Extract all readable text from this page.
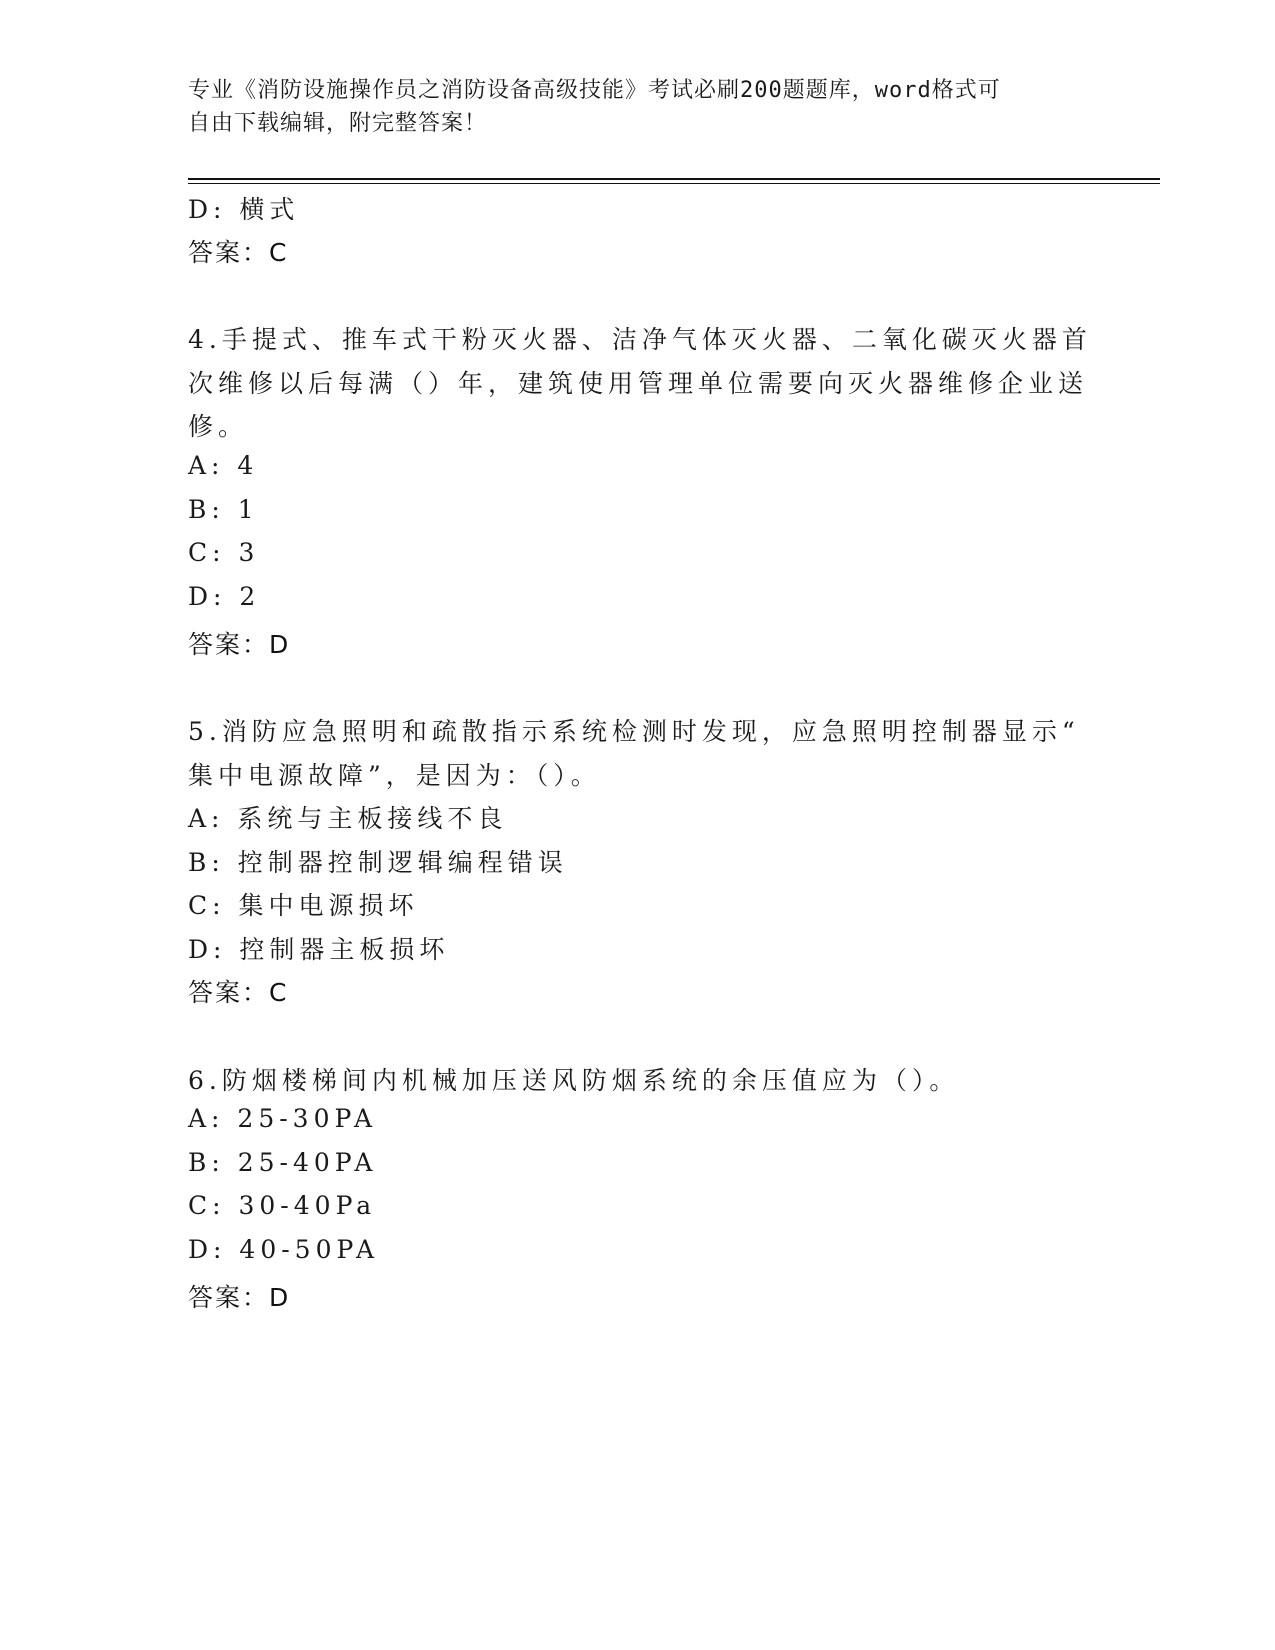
专业《消防设施操作员之消防设备高级技能》考试必刷200题题库，word格式可
自由下载编辑，附完整答案！
D: 横式
答案：C
4.手提式、推车式干粉灭火器、洁净气体灭火器、二氧化碳灭火器首
次维修以后每满（）年，建筑使用管理单位需要向灭火器维修企业送
修。
A: 4
B: 1
C: 3
D: 2
答案：D
5.消防应急照明和疏散指示系统检测时发现，应急照明控制器显示“
集中电源故障”，是因为：（）。
A: 系统与主板接线不良
B: 控制器控制逻辑编程错误
C: 集中电源损坏
D: 控制器主板损坏
答案：C
6.防烟楼梯间内机械加压送风防烟系统的余压值应为（）。
A: 25-30PA
B: 25-40PA
C: 30-40Pa
D: 40-50PA
答案：D
